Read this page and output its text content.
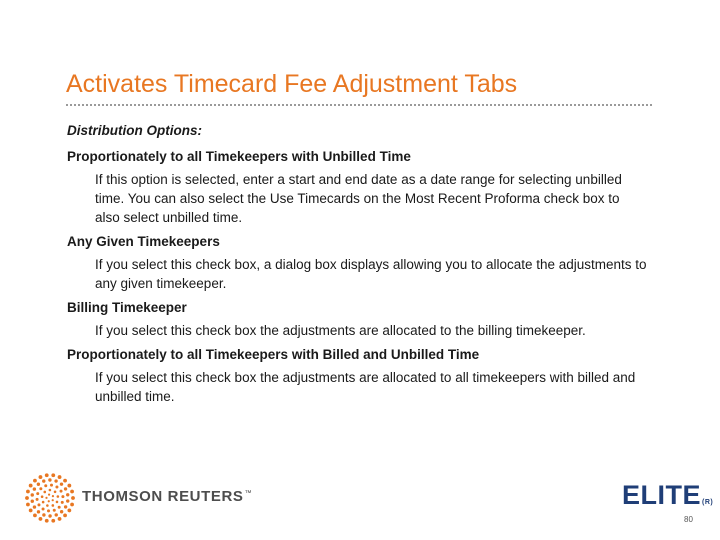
Activates Timecard Fee Adjustment Tabs

Distribution Options:

Proportionately to all Timekeepers with Unbilled Time

If this option is selected, enter a start and end date as a date range for selecting unbilled time. You can also select the Use Timecards on the Most Recent Proforma check box to also select unbilled time.

Any Given Timekeepers

If you select this check box, a dialog box displays allowing you to allocate the adjustments to any given timekeeper.

Billing Timekeeper

If you select this check box the adjustments are allocated to the billing timekeeper.

Proportionately to all Timekeepers with Billed and Unbilled Time

If you select this check box the adjustments are allocated to all timekeepers with billed and unbilled time.

THOMSON REUTERS™	ELITE(R)
80
